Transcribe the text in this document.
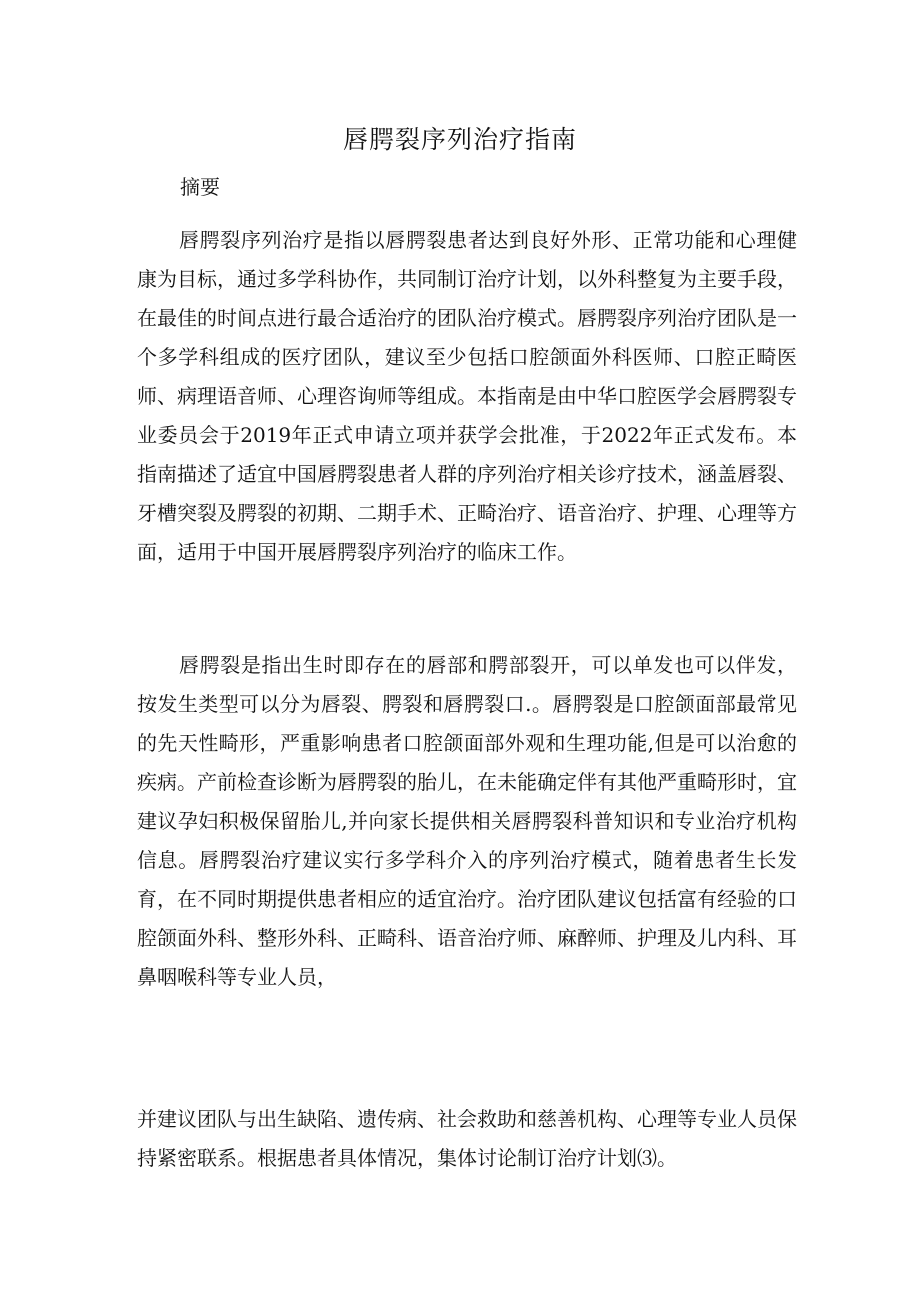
唇腭裂序列治疗指南

摘要

唇腭裂序列治疗是指以唇腭裂患者达到良好外形、正常功能和心理健康为目标，通过多学科协作，共同制订治疗计划，以外科整复为主要手段，在最佳的时间点进行最合适治疗的团队治疗模式。唇腭裂序列治疗团队是一个多学科组成的医疗团队，建议至少包括口腔颌面外科医师、口腔正畸医师、病理语音师、心理咨询师等组成。本指南是由中华口腔医学会唇腭裂专业委员会于2019年正式申请立项并获学会批准，于2022年正式发布。本指南描述了适宜中国唇腭裂患者人群的序列治疗相关诊疗技术，涵盖唇裂、牙槽突裂及腭裂的初期、二期手术、正畸治疗、语音治疗、护理、心理等方面，适用于中国开展唇腭裂序列治疗的临床工作。

唇腭裂是指出生时即存在的唇部和腭部裂开，可以单发也可以伴发，按发生类型可以分为唇裂、腭裂和唇腭裂口.。唇腭裂是口腔颌面部最常见的先天性畸形，严重影响患者口腔颌面部外观和生理功能,但是可以治愈的疾病。产前检查诊断为唇腭裂的胎儿，在未能确定伴有其他严重畸形时，宜建议孕妇积极保留胎儿,并向家长提供相关唇腭裂科普知识和专业治疗机构信息。唇腭裂治疗建议实行多学科介入的序列治疗模式，随着患者生长发育，在不同时期提供患者相应的适宜治疗。治疗团队建议包括富有经验的口腔颌面外科、整形外科、正畸科、语音治疗师、麻醉师、护理及儿内科、耳鼻咽喉科等专业人员，

并建议团队与出生缺陷、遗传病、社会救助和慈善机构、心理等专业人员保持紧密联系。根据患者具体情况，集体讨论制订治疗计划⑶。
